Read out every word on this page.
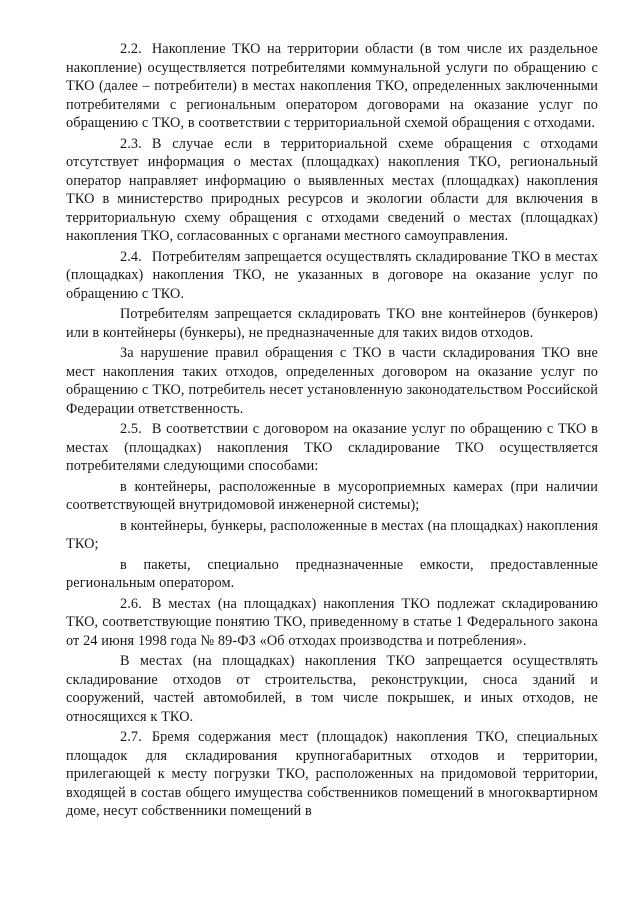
2.2. Накопление ТКО на территории области (в том числе их раздельное накопление) осуществляется потребителями коммунальной услуги по обращению с ТКО (далее – потребители) в местах накопления ТКО, определенных заключенными потребителями с региональным оператором договорами на оказание услуг по обращению с ТКО, в соответствии с территориальной схемой обращения с отходами.

2.3. В случае если в территориальной схеме обращения с отходами отсутствует информация о местах (площадках) накопления ТКО, региональный оператор направляет информацию о выявленных местах (площадках) накопления ТКО в министерство природных ресурсов и экологии области для включения в территориальную схему обращения с отходами сведений о местах (площадках) накопления ТКО, согласованных с органами местного самоуправления.

2.4. Потребителям запрещается осуществлять складирование ТКО в местах (площадках) накопления ТКО, не указанных в договоре на оказание услуг по обращению с ТКО.

Потребителям запрещается складировать ТКО вне контейнеров (бункеров) или в контейнеры (бункеры), не предназначенные для таких видов отходов.

За нарушение правил обращения с ТКО в части складирования ТКО вне мест накопления таких отходов, определенных договором на оказание услуг по обращению с ТКО, потребитель несет установленную законодательством Российской Федерации ответственность.

2.5. В соответствии с договором на оказание услуг по обращению с ТКО в местах (площадках) накопления ТКО складирование ТКО осуществляется потребителями следующими способами:

в контейнеры, расположенные в мусороприемных камерах (при наличии соответствующей внутридомовой инженерной системы);

в контейнеры, бункеры, расположенные в местах (на площадках) накопления ТКО;

в пакеты, специально предназначенные емкости, предоставленные региональным оператором.

2.6. В местах (на площадках) накопления ТКО подлежат складированию ТКО, соответствующие понятию ТКО, приведенному в статье 1 Федерального закона от 24 июня 1998 года № 89-ФЗ «Об отходах производства и потребления».

В местах (на площадках) накопления ТКО запрещается осуществлять складирование отходов от строительства, реконструкции, сноса зданий и сооружений, частей автомобилей, в том числе покрышек, и иных отходов, не относящихся к ТКО.

2.7. Бремя содержания мест (площадок) накопления ТКО, специальных площадок для складирования крупногабаритных отходов и территории, прилегающей к месту погрузки ТКО, расположенных на придомовой территории, входящей в состав общего имущества собственников помещений в многоквартирном доме, несут собственники помещений в
